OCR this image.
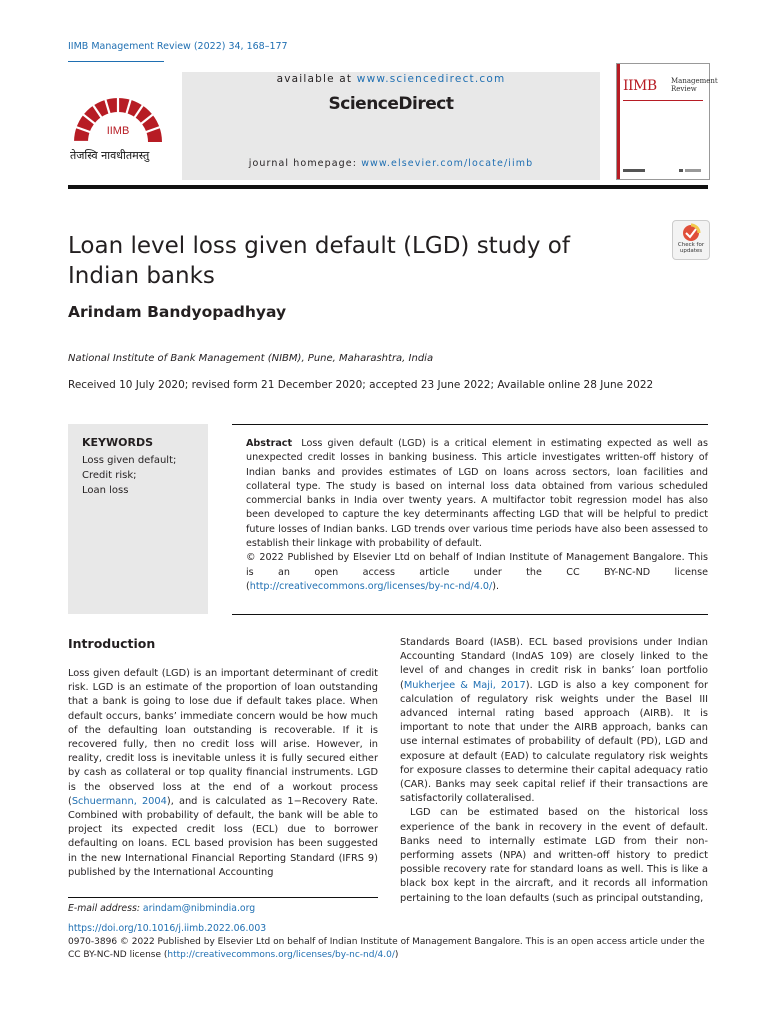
IIMB Management Review (2022) 34, 168–177
IIMB
तेजस्वि नावधीतमस्तु
available at www.sciencedirect.com
ScienceDirect
journal homepage: www.elsevier.com/locate/iimb
IIMB Management
Review
Loan level loss given default (LGD) study of Indian banks
Check for
updates
Arindam Bandyopadhyay
National Institute of Bank Management (NIBM), Pune, Maharashtra, India
Received 10 July 2020; revised form 21 December 2020; accepted 23 June 2022; Available online 28 June 2022
KEYWORDS
Loss given default;
Credit risk;
Loan loss
Abstract Loss given default (LGD) is a critical element in estimating expected as well as unexpected credit losses in banking business. This article investigates written-off history of Indian banks and provides estimates of LGD on loans across sectors, loan facilities and collateral type. The study is based on internal loss data obtained from various scheduled commercial banks in India over twenty years. A multifactor tobit regression model has also been developed to capture the key determinants affecting LGD that will be helpful to predict future losses of Indian banks. LGD trends over various time periods have also been assessed to establish their linkage with probability of default.
© 2022 Published by Elsevier Ltd on behalf of Indian Institute of Management Bangalore. This is an open access article under the CC BY-NC-ND license (http://creativecommons.org/licenses/by-nc-nd/4.0/).
Introduction

Loss given default (LGD) is an important determinant of credit risk. LGD is an estimate of the proportion of loan outstanding that a bank is going to lose due if default takes place. When default occurs, banks’ immediate concern would be how much of the defaulting loan outstanding is recoverable. If it is recovered fully, then no credit loss will arise. However, in reality, credit loss is inevitable unless it is fully secured either by cash as collateral or top quality financial instruments. LGD is the observed loss at the end of a workout process (Schuermann, 2004), and is calculated as 1−Recovery Rate. Combined with probability of default, the bank will be able to project its expected credit loss (ECL) due to borrower defaulting on loans. ECL based provision has been suggested in the new International Financial Reporting Standard (IFRS 9) published by the International Accounting

Standards Board (IASB). ECL based provisions under Indian Accounting Standard (IndAS 109) are closely linked to the level of and changes in credit risk in banks’ loan portfolio (Mukherjee & Maji, 2017). LGD is also a key component for calculation of regulatory risk weights under the Basel III advanced internal rating based approach (AIRB). It is important to note that under the AIRB approach, banks can use internal estimates of probability of default (PD), LGD and exposure at default (EAD) to calculate regulatory risk weights for exposure classes to determine their capital adequacy ratio (CAR). Banks may seek capital relief if their transactions are satisfactorily collateralised.

LGD can be estimated based on the historical loss experience of the bank in recovery in the event of default. Banks need to internally estimate LGD from their non-performing assets (NPA) and written-off history to predict possible recovery rate for standard loans as well. This is like a black box kept in the aircraft, and it records all information pertaining to the loan defaults (such as principal outstanding,

E-mail address: arindam@nibmindia.org
https://doi.org/10.1016/j.iimb.2022.06.003
0970-3896 © 2022 Published by Elsevier Ltd on behalf of Indian Institute of Management Bangalore. This is an open access article under the CC BY-NC-ND license (http://creativecommons.org/licenses/by-nc-nd/4.0/)
